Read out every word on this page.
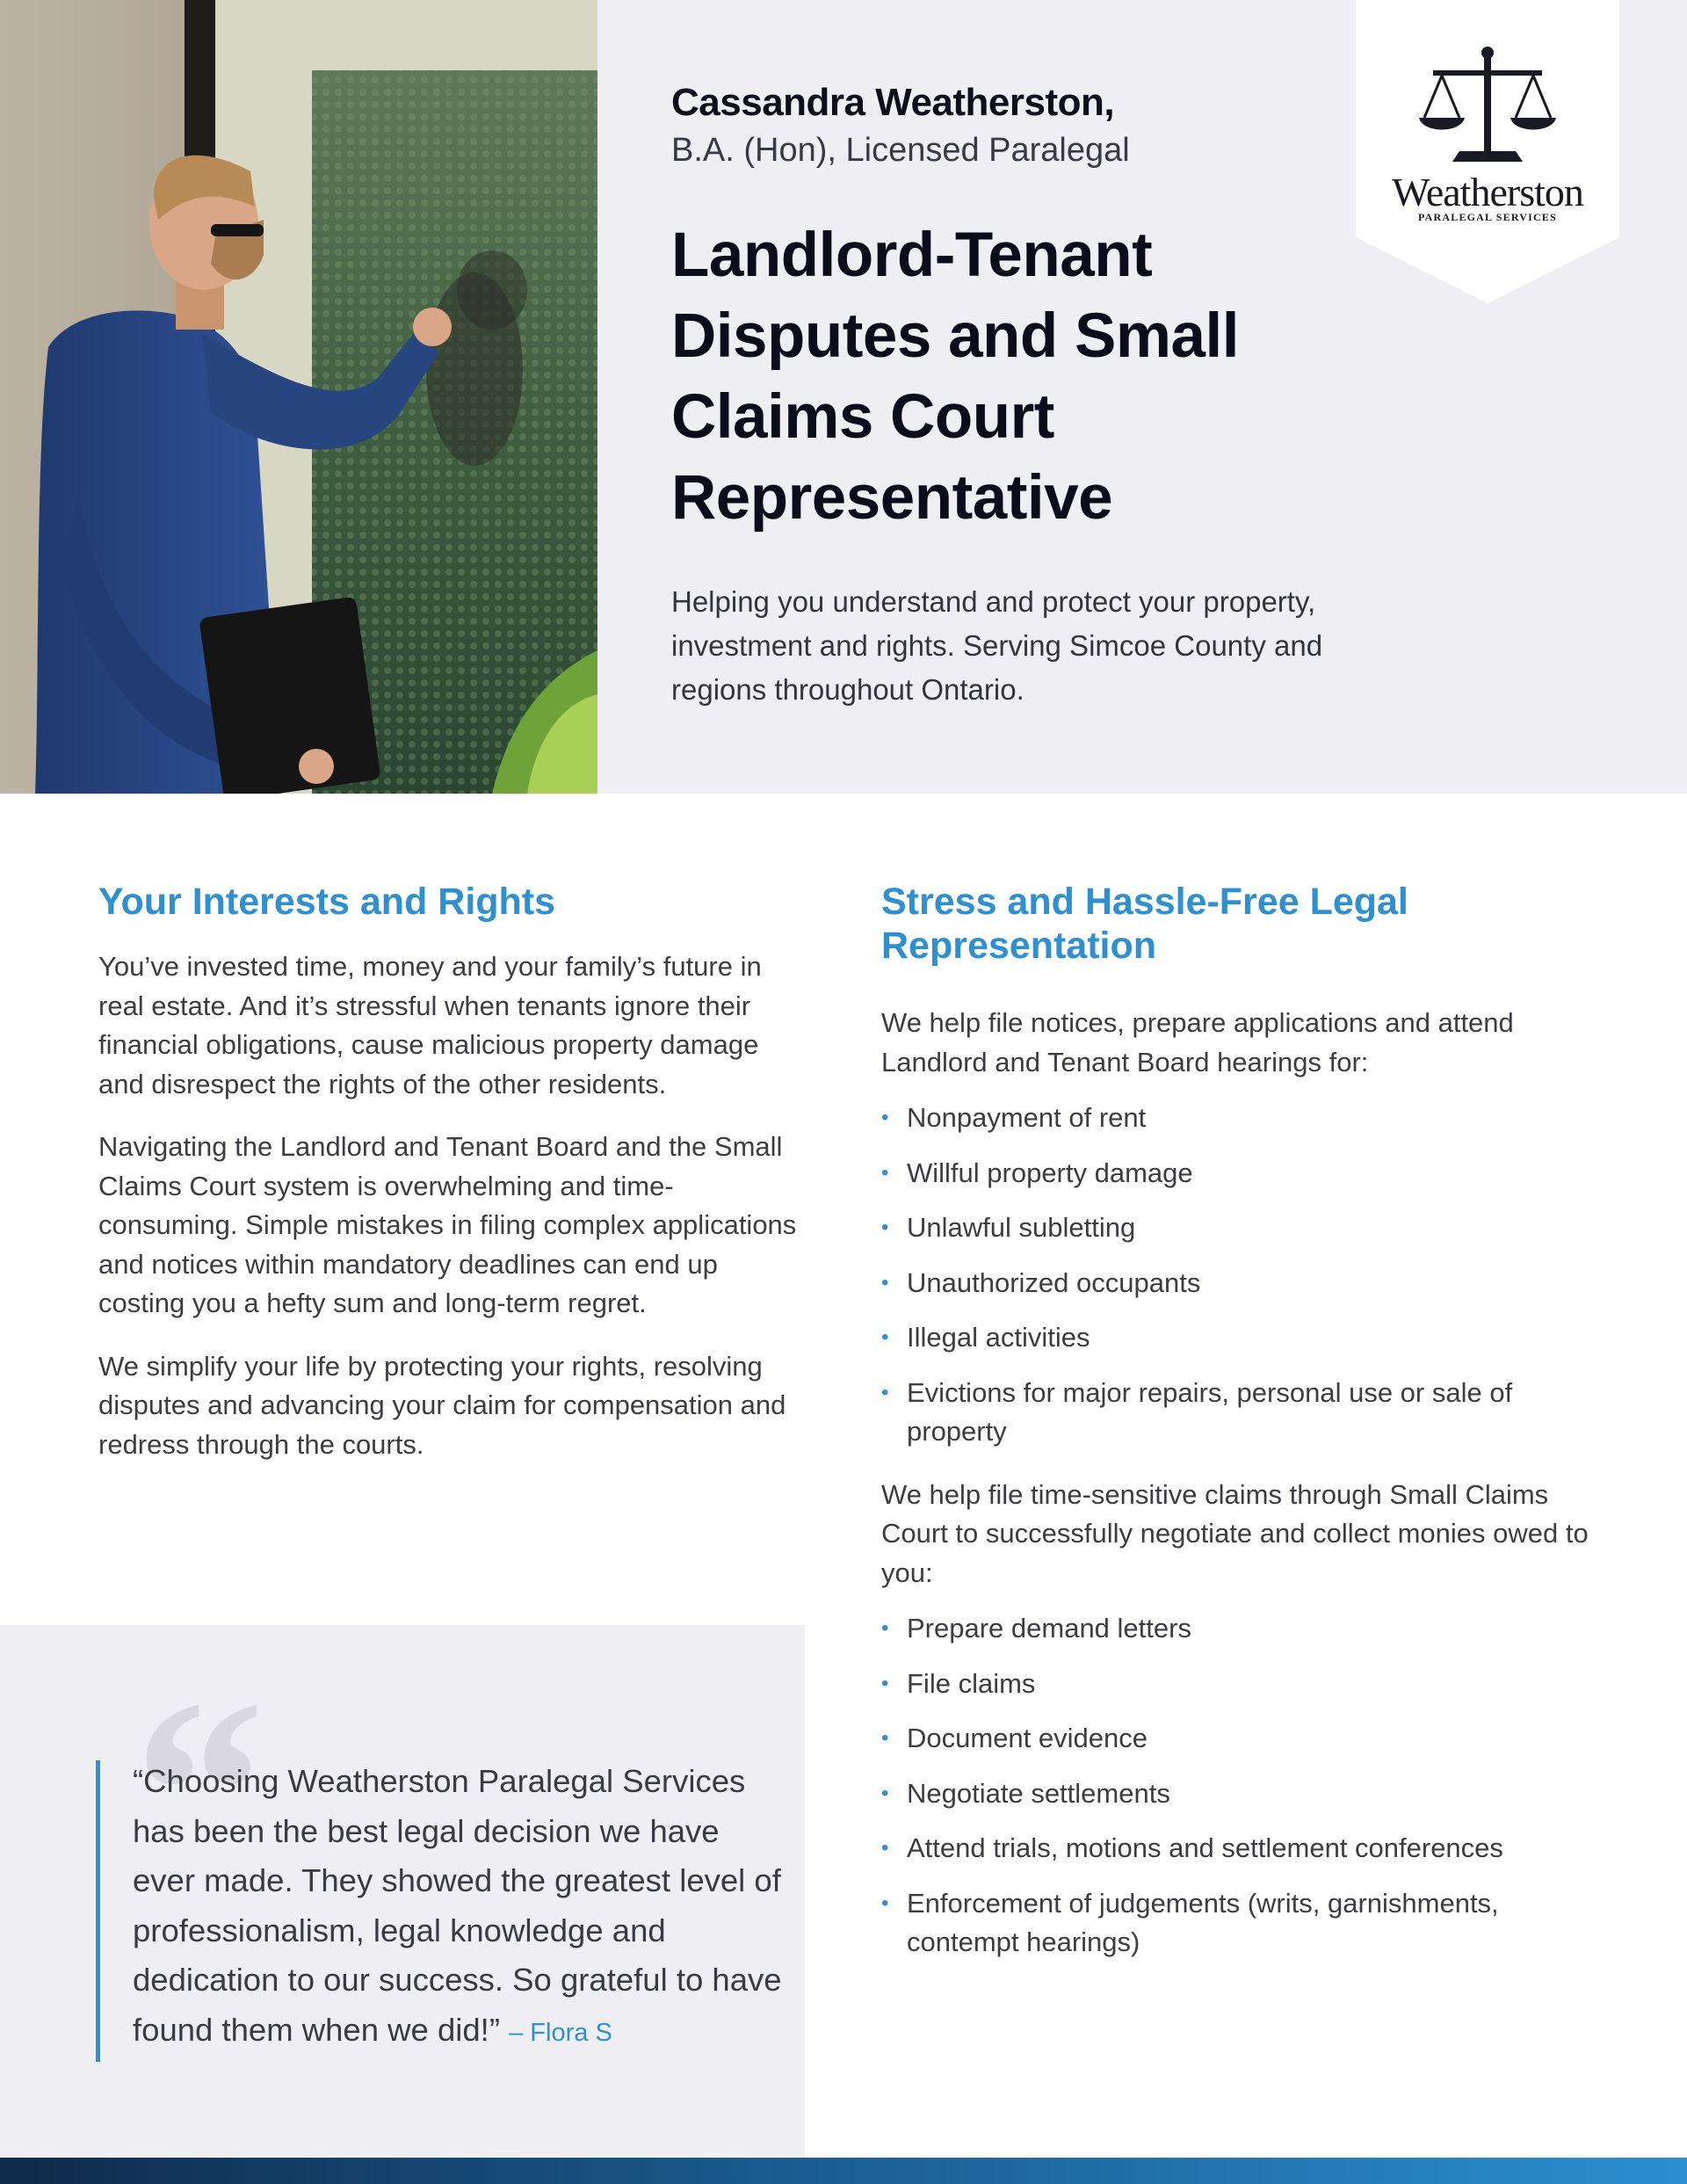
Weatherston
PARALEGAL SERVICES
Cassandra Weatherston,
B.A. (Hon), Licensed Paralegal
Landlord-Tenant
Disputes and Small
Claims Court
Representative

Helping you understand and protect your property, investment and rights. Serving Simcoe County and regions throughout Ontario.

Your Interests and Rights

You’ve invested time, money and your family’s future in real estate. And it’s stressful when tenants ignore their financial obligations, cause malicious property damage and disrespect the rights of the other residents.

Navigating the Landlord and Tenant Board and the Small Claims Court system is overwhelming and time-consuming. Simple mistakes in filing complex applications and notices within mandatory deadlines can end up costing you a hefty sum and long-term regret.

We simplify your life by protecting your rights, resolving disputes and advancing your claim for compensation and redress through the courts.

Stress and Hassle-Free Legal Representation

We help file notices, prepare applications and attend Landlord and Tenant Board hearings for:

• Nonpayment of rent
• Willful property damage
• Unlawful subletting
• Unauthorized occupants
• Illegal activities
• Evictions for major repairs, personal use or sale of property

We help file time-sensitive claims through Small Claims Court to successfully negotiate and collect monies owed to you:

• Prepare demand letters
• File claims
• Document evidence
• Negotiate settlements
• Attend trials, motions and settlement conferences
• Enforcement of judgements (writs, garnishments, contempt hearings)
“

“Choosing Weatherston Paralegal Services has been the best legal decision we have ever made. They showed the greatest level of professionalism, legal knowledge and dedication to our success. So grateful to have found them when we did!” – Flora S
